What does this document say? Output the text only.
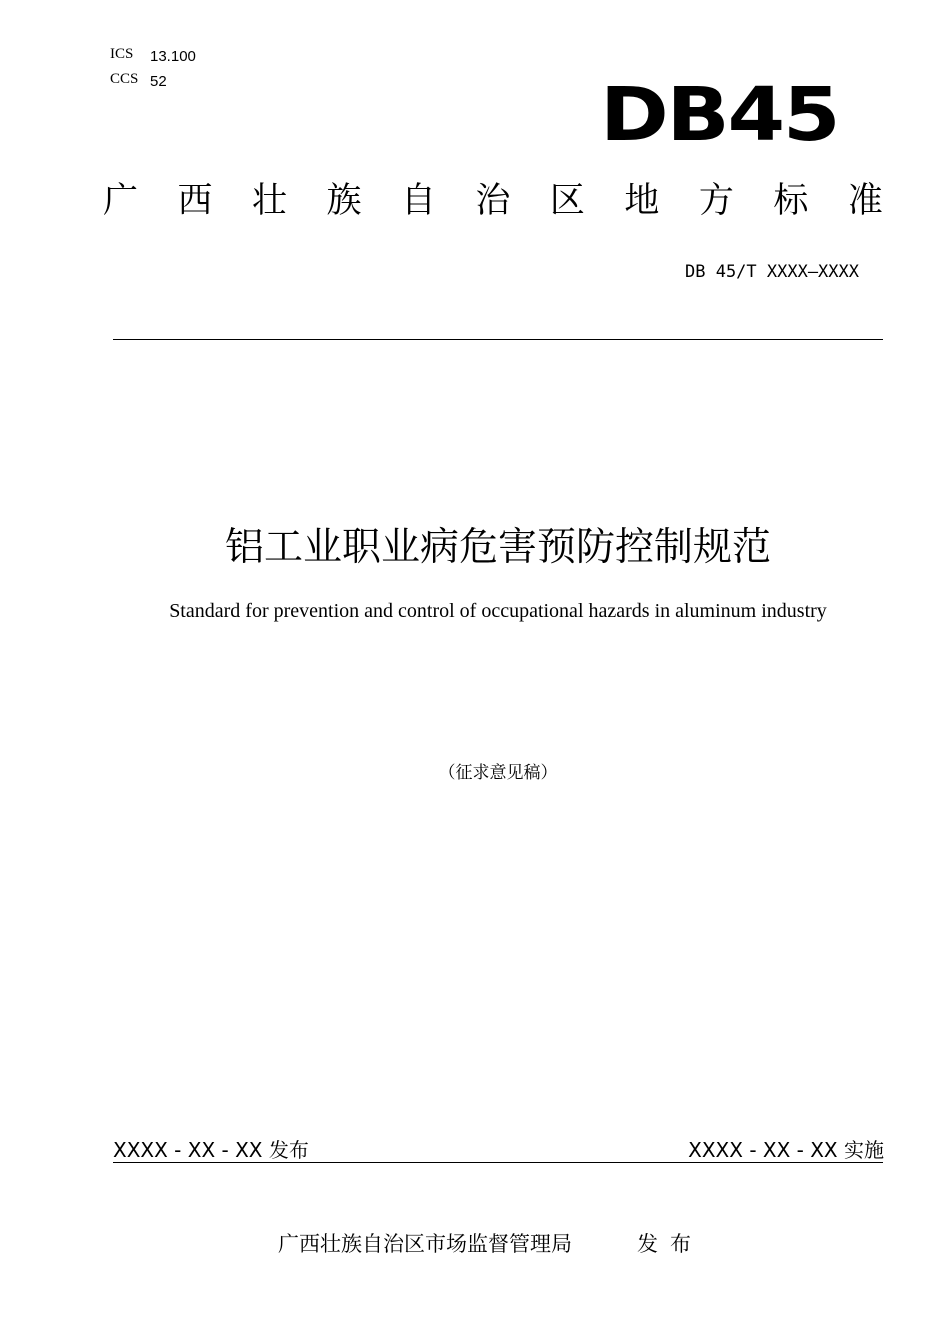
ICS 13.100
CCS 52	DB45
广 西 壮 族 自 治 区 地 方 标 准
DB 45/T XXXX—XXXX
铝工业职业病危害预防控制规范
Standard for prevention and control of occupational hazards in aluminum industry
（征求意见稿）
XXXX - XX - XX 发布	XXXX - XX - XX 实施
广西壮族自治区市场监督管理局	发布
